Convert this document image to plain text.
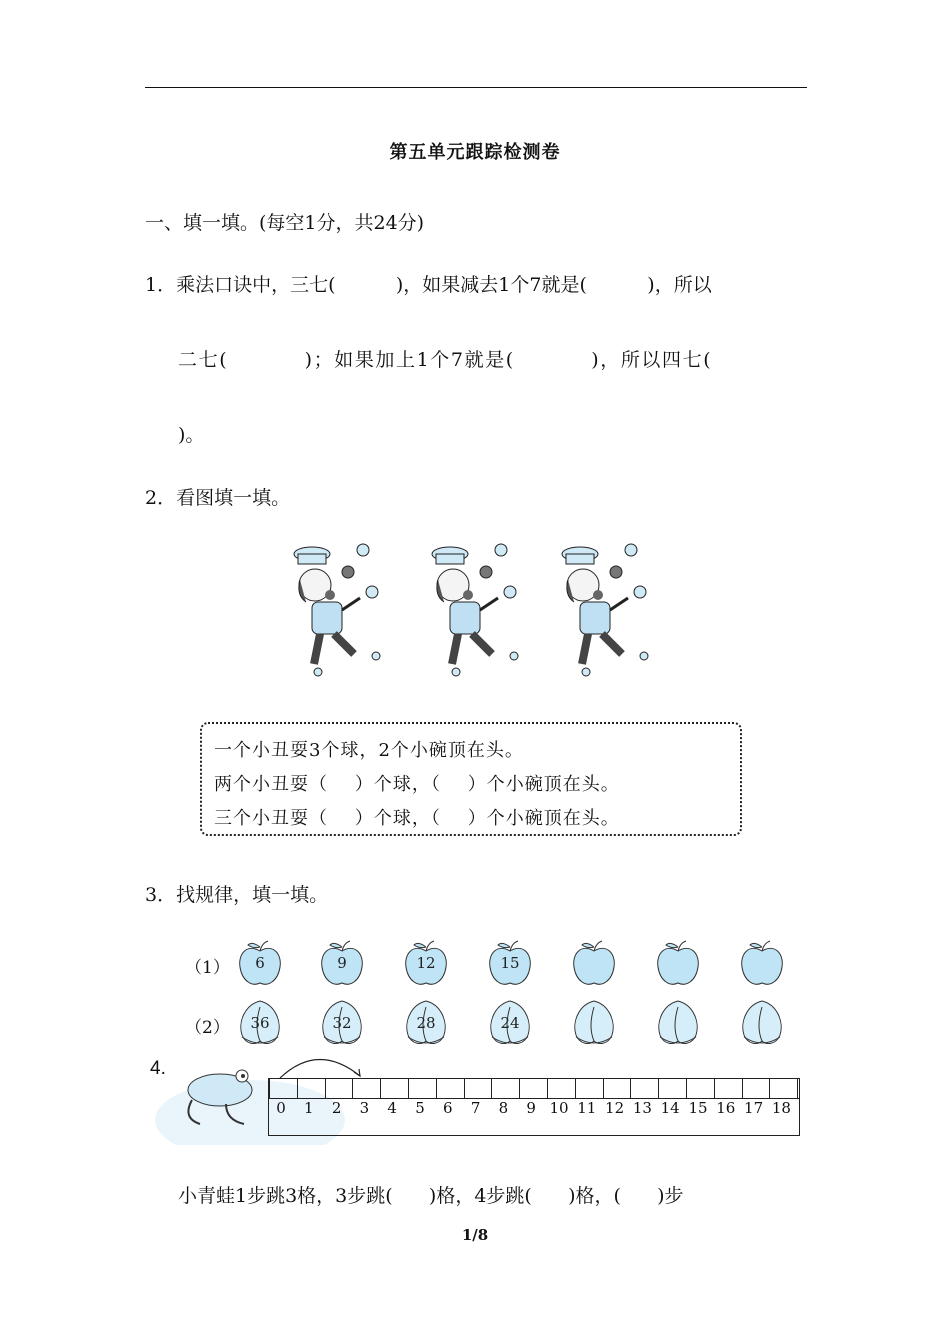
第五单元跟踪检测卷
一、填一填。(每空1分，共24分)
1．乘法口诀中，三七(          )，如果减去1个7就是(          )，所以
二七(          )；如果加上1个7就是(          )，所以四七(
)。
2．看图填一填。
一个小丑耍3个球，2个小碗顶在头。
两个小丑耍（    ）个球，（    ）个小碗顶在头。
三个小丑耍（    ）个球，（    ）个小碗顶在头。
3．找规律，填一填。
（1）
（2）
6	9	12	15
36	32	28	24
4.
0	1	2	3	4	5	6	7	8	9 10 11 12 13 14 15 16 17 18
小青蛙1步跳3格，3步跳(      )格，4步跳(      )格，(      )步
1/8
